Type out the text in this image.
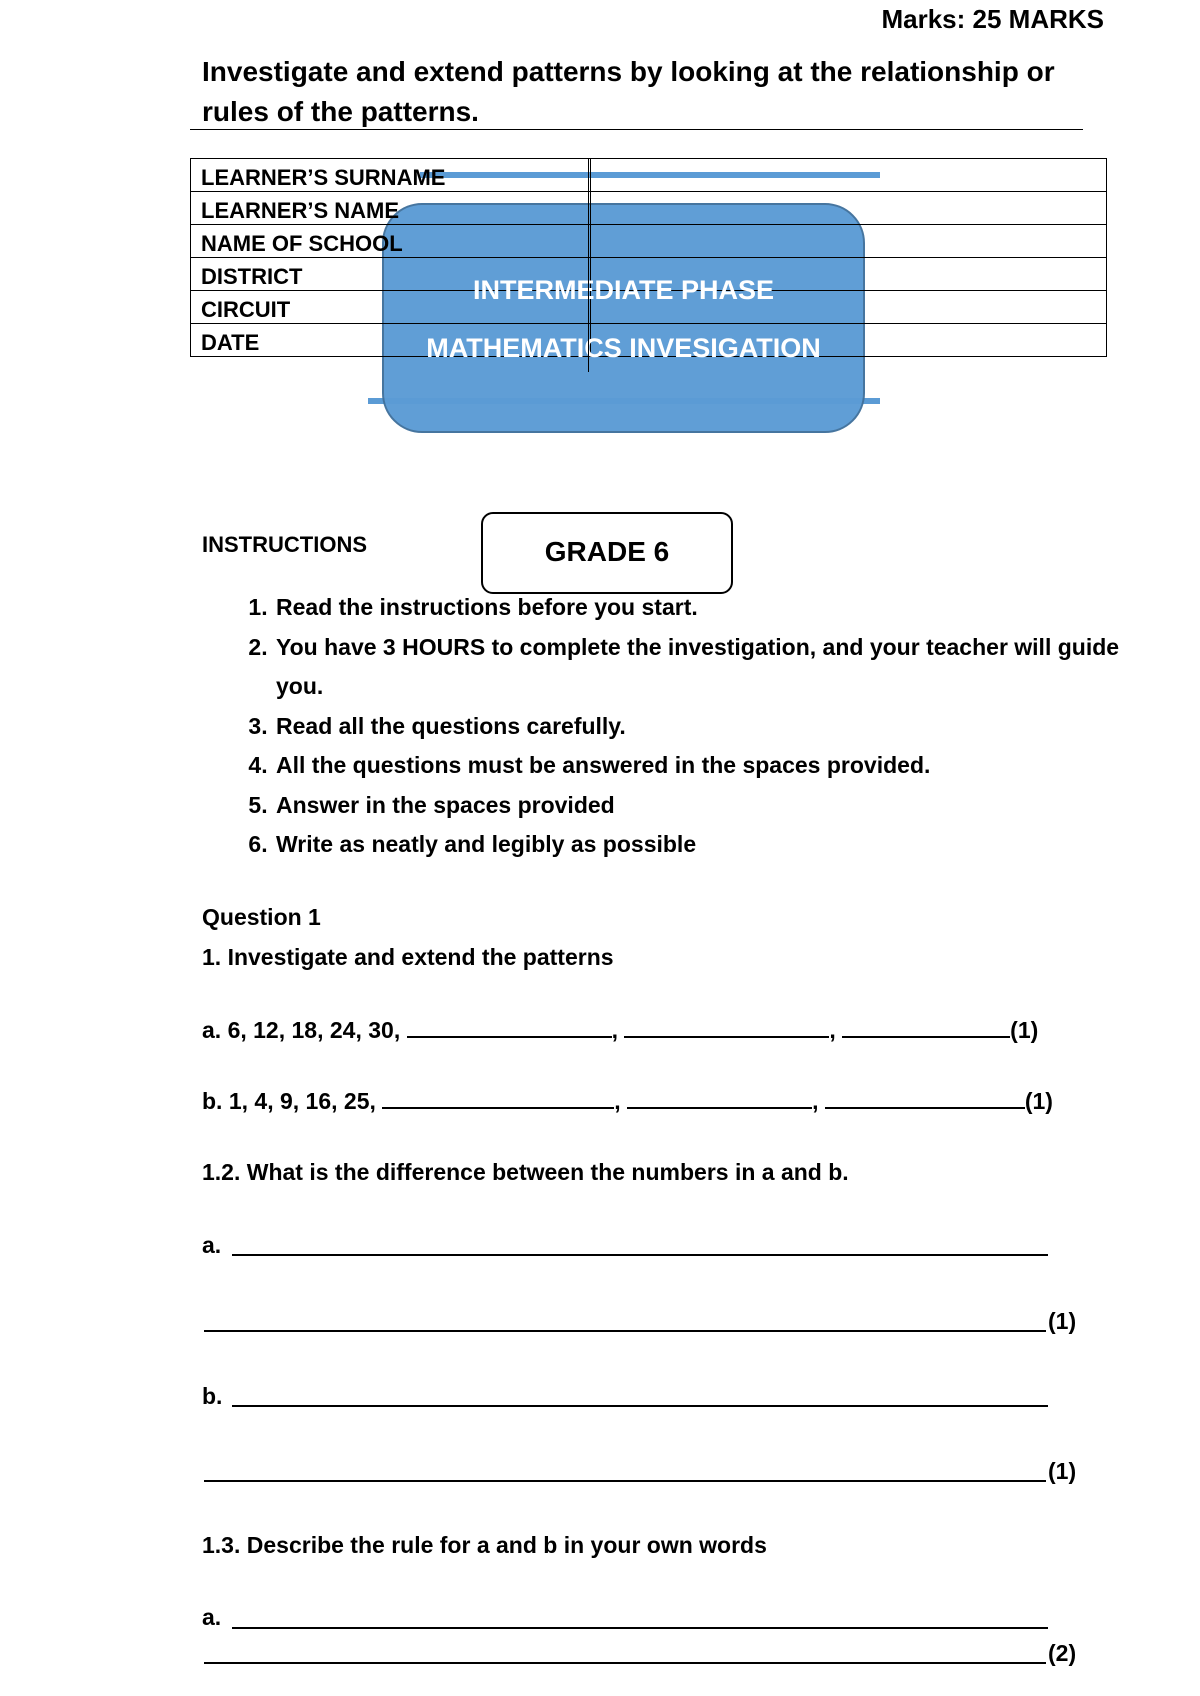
Marks: 25 MARKS
Investigate and extend patterns by looking at the relationship or rules of the patterns.
LEARNER’S SURNAME	
LEARNER’S NAME	
NAME OF SCHOOL	
DISTRICT	
CIRCUIT	
DATE	
INTERMEDIATE PHASE
MATHEMATICS INVESIGATION
INSTRUCTIONS	GRADE 6
1. Read the instructions before you start.
2. You have 3 HOURS to complete the investigation, and your teacher will guide you.
3. Read all the questions carefully.
4. All the questions must be answered in the spaces provided.
5. Answer in the spaces provided
6. Write as neatly and legibly as possible
Question 1
1. Investigate and extend the patterns
a. 6, 12, 18, 24, 30,	,	,	(1)
b. 1, 4, 9, 16, 25,	,	,	(1)
1.2. What is the difference between the numbers in a and b.
a.
(1)
b.
(1)
1.3. Describe the rule for a and b in your own words
a.
(2)
